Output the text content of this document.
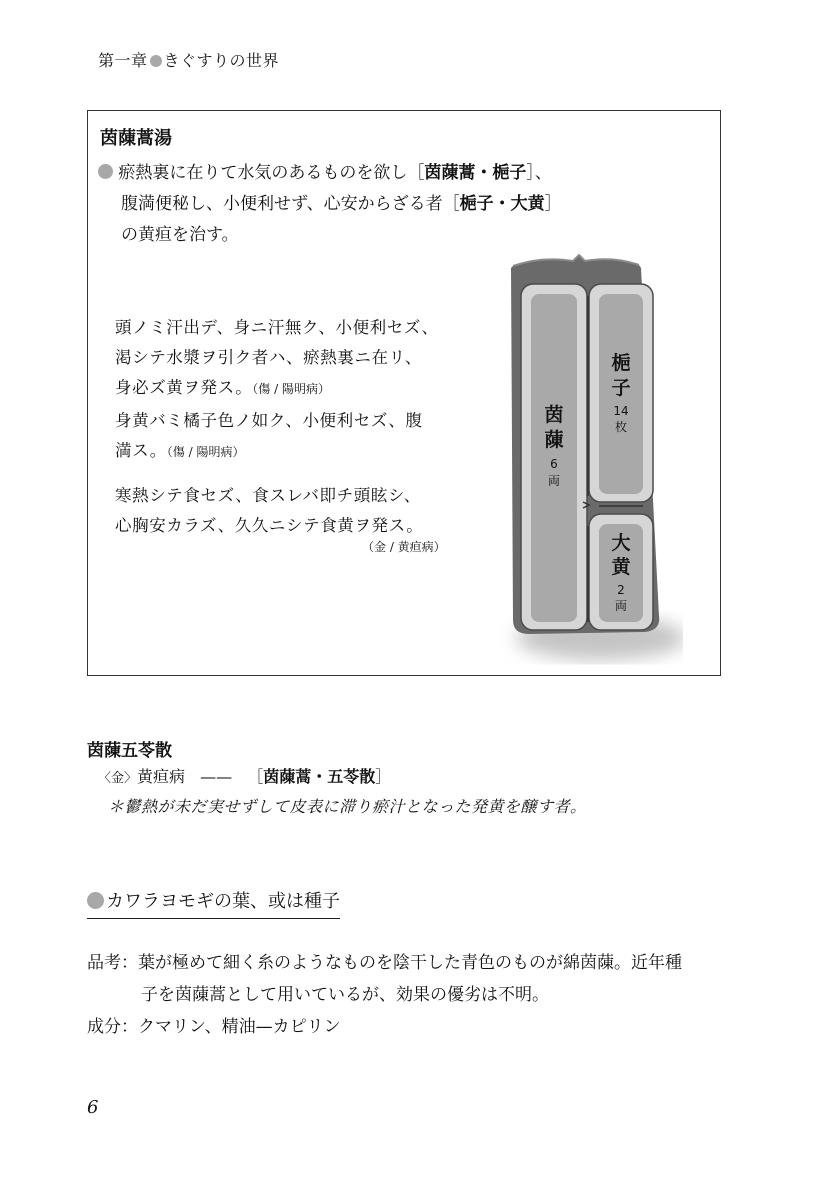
第一章 きぐすりの世界
茵蔯蒿湯
瘀熱裏に在りて水気のあるものを欲し［茵蔯蒿・梔子］、
腹満便秘し、小便利せず、心安からざる者［梔子・大黄］
の黄疸を治す。
頭ノミ汗出デ、身ニ汗無ク、小便利セズ、
渇シテ水漿ヲ引ク者ハ、瘀熱裏ニ在リ、
身必ズ黄ヲ発ス。（傷 / 陽明病）
身黄バミ橘子色ノ如ク、小便利セズ、腹
満ス。（傷 / 陽明病）
寒熱シテ食セズ、食スレバ即チ頭眩シ、
心胸安カラズ、久久ニシテ食黄ヲ発ス。
（金 / 黄疸病）
茵
蔯
6
両
梔
子
14
枚
大
黄
2
両
茵蔯五苓散
〈金〉黄疸病 —— ［茵蔯蒿・五苓散］
＊鬱熱が未だ実せずして皮表に滞り瘀汁となった発黄を醸す者。
カワラヨモギの葉、或は種子
品考：葉が極めて細く糸のようなものを陰干した青色のものが綿茵蔯。近年種
子を茵蔯蒿として用いているが、効果の優劣は不明。
成分：クマリン、精油—カピリン
6
